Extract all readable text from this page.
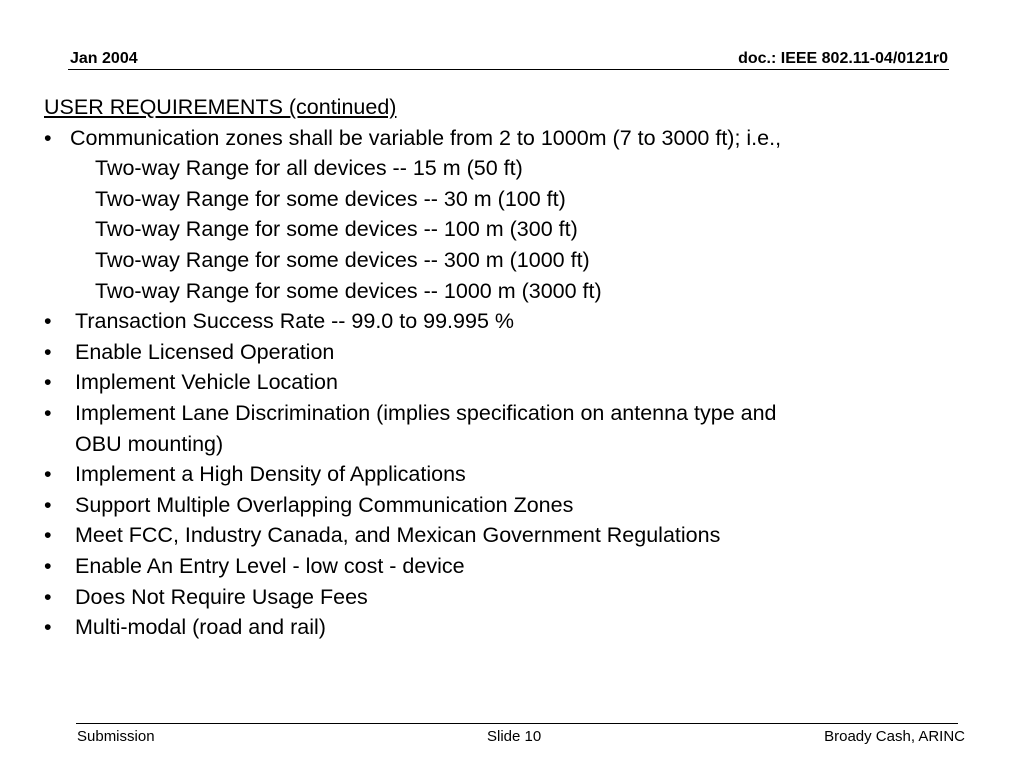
Jan 2004	doc.: IEEE 802.11-04/0121r0
USER REQUIREMENTS (continued)
• Communication zones shall be variable from 2 to 1000m (7 to 3000 ft); i.e.,
Two-way Range for all devices -- 15 m (50 ft)
Two-way Range for some devices -- 30 m (100 ft)
Two-way Range for some devices -- 100 m (300 ft)
Two-way Range for some devices -- 300 m (1000 ft)
Two-way Range for some devices -- 1000 m (3000 ft)
• Transaction Success Rate -- 99.0 to 99.995 %
• Enable Licensed Operation
• Implement Vehicle Location
• Implement Lane Discrimination (implies specification on antenna type and
OBU mounting)
• Implement a High Density of Applications
• Support Multiple Overlapping Communication Zones
• Meet FCC, Industry Canada, and Mexican Government Regulations
• Enable An Entry Level - low cost - device
• Does Not Require Usage Fees
• Multi-modal (road and rail)
Submission	Slide 10	Broady Cash, ARINC
